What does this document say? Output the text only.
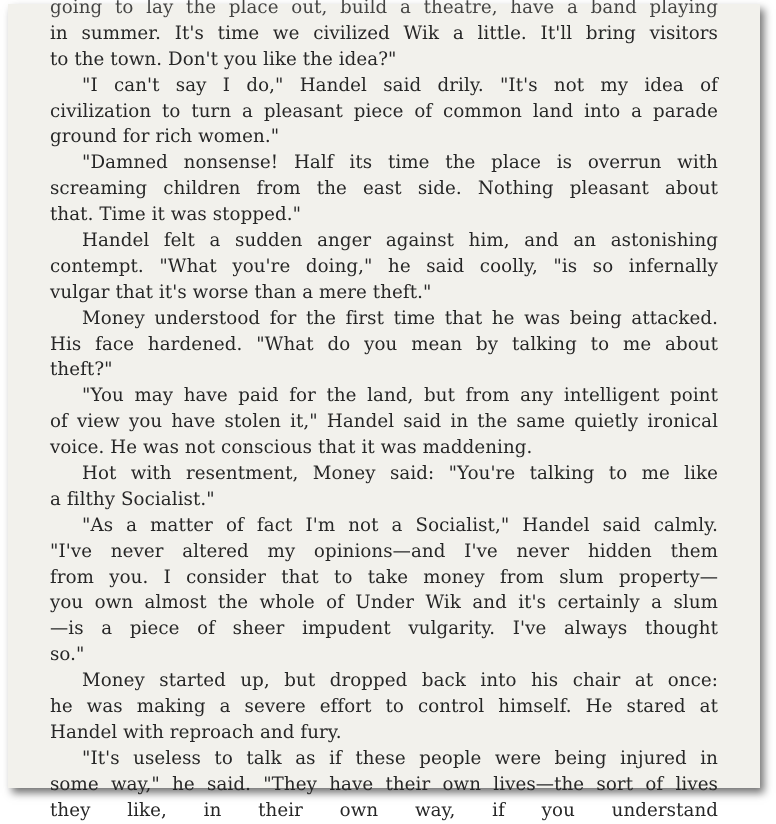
going to lay the place out, build a theatre, have a band playing
in summer. It's time we civilized Wik a little. It'll bring visitors
to the town. Don't you like the idea?"
"I can't say I do," Handel said drily. "It's not my idea of
civilization to turn a pleasant piece of common land into a parade
ground for rich women."
"Damned nonsense! Half its time the place is overrun with
screaming children from the east side. Nothing pleasant about
that. Time it was stopped."
Handel felt a sudden anger against him, and an astonishing
contempt. "What you're doing," he said coolly, "is so infernally
vulgar that it's worse than a mere theft."
Money understood for the first time that he was being attacked.
His face hardened. "What do you mean by talking to me about
theft?"
"You may have paid for the land, but from any intelligent point
of view you have stolen it," Handel said in the same quietly ironical
voice. He was not conscious that it was maddening.
Hot with resentment, Money said: "You're talking to me like
a filthy Socialist."
"As a matter of fact I'm not a Socialist," Handel said calmly.
"I've never altered my opinions—and I've never hidden them
from you. I consider that to take money from slum property—
you own almost the whole of Under Wik and it's certainly a slum
—is a piece of sheer impudent vulgarity. I've always thought
so."
Money started up, but dropped back into his chair at once:
he was making a severe effort to control himself. He stared at
Handel with reproach and fury.
"It's useless to talk as if these people were being injured in
some way," he said. "They have their own lives—the sort of lives
they like, in their own way, if you understand
